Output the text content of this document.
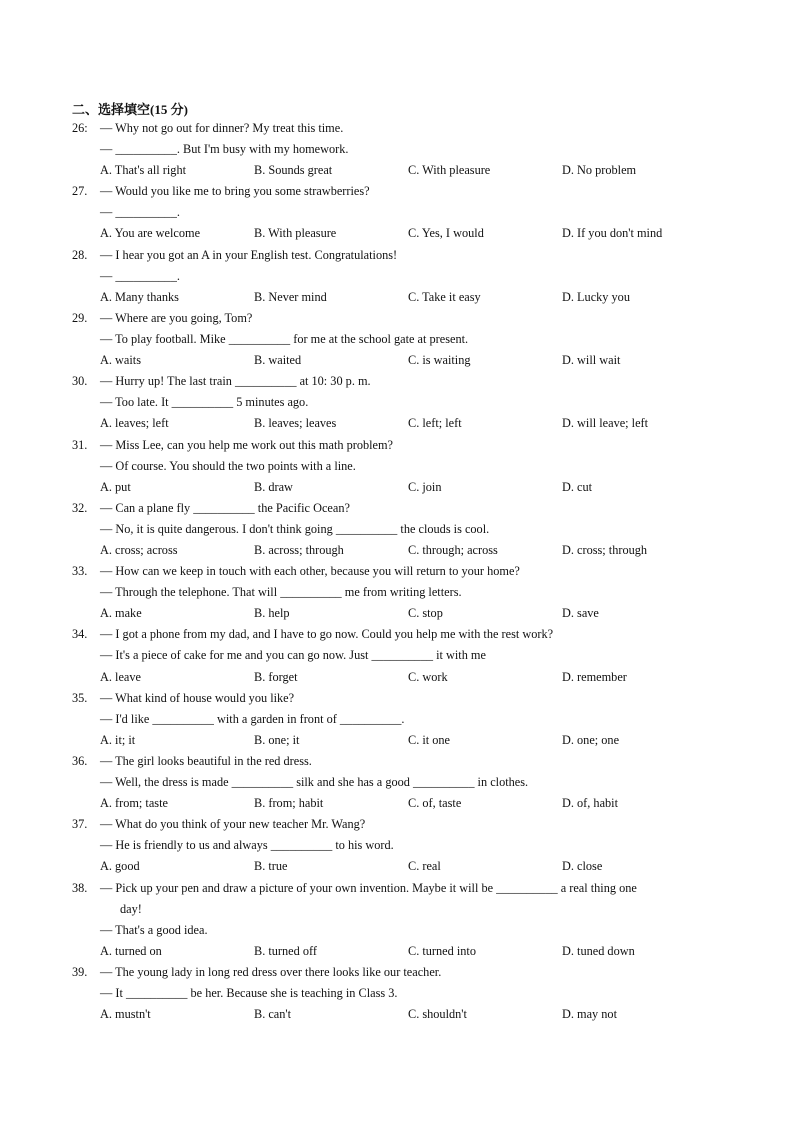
二、选择填空(15 分)
26: — Why not go out for dinner? My treat this time.
— __________. But I'm busy with my homework.
A. That's all right	B. Sounds great	C. With pleasure	D. No problem
27.	— Would you like me to bring you some strawberries?
— __________.
A. You are welcome	B. With pleasure	C. Yes, I would	D. If you don't mind
28.	— I hear you got an A in your English test. Congratulations!
— __________.
A. Many thanks	B. Never mind	C. Take it easy	D. Lucky you
29.	— Where are you going, Tom?
— To play football. Mike __________ for me at the school gate at present.
A. waits	B. waited	C. is waiting	D. will wait
30.	— Hurry up! The last train __________ at 10: 30 p. m.
— Too late. It __________ 5 minutes ago.
A. leaves; left	B. leaves; leaves	C. left; left	D. will leave; left
31.	— Miss Lee, can you help me work out this math problem?
— Of course. You should the two points with a line.
A. put	B. draw	C. join	D. cut
32.	— Can a plane fly __________ the Pacific Ocean?
— No, it is quite dangerous. I don't think going __________ the clouds is cool.
A. cross; across	B. across; through	C. through; across	D. cross; through
33.	— How can we keep in touch with each other, because you will return to your home?
— Through the telephone. That will __________ me from writing letters.
A. make	B. help	C. stop	D. save
34.	— I got a phone from my dad, and I have to go now. Could you help me with the rest work?
— It's a piece of cake for me and you can go now. Just __________ it with me
A. leave	B. forget	C. work	D. remember
35.	— What kind of house would you like?
— I'd like __________ with a garden in front of __________.
A. it; it	B. one; it	C. it one	D. one; one
36.	— The girl looks beautiful in the red dress.
— Well, the dress is made __________ silk and she has a good __________ in clothes.
A. from; taste	B. from; habit	C. of, taste	D. of, habit
37.	— What do you think of your new teacher Mr. Wang?
— He is friendly to us and always __________ to his word.
A. good	B. true	C. real	D. close
38.	— Pick up your pen and draw a picture of your own invention. Maybe it will be __________ a real thing one
day!
— That's a good idea.
A. turned on	B. turned off	C. turned into	D. tuned down
39.	— The young lady in long red dress over there looks like our teacher.
— It __________ be her. Because she is teaching in Class 3.
A. mustn't	B. can't	C. shouldn't	D. may not
